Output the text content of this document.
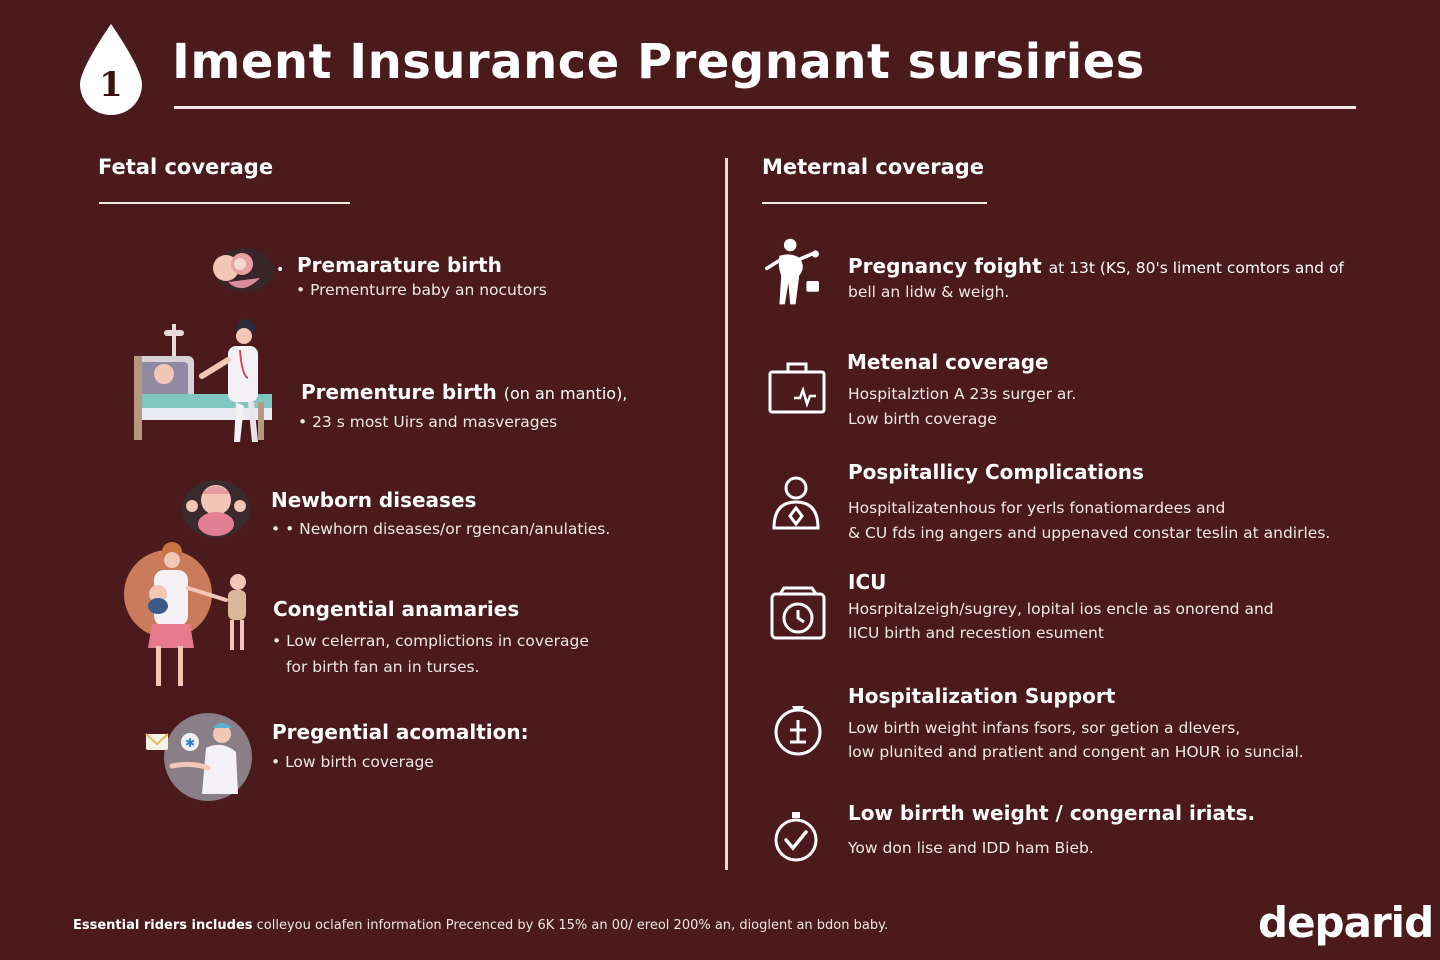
1 Iment Insurance Pregnant sursiries
Fetal coverage	Meternal coverage
•
✱
Premarature birth
• Prementurre baby an nocutors
Prementure birth (on an mantio),
• 23 s most Uirs and masverages
Newborn diseases
• • Newhorn diseases/or rgencan/anulaties.
Congential anamaries
• Low celerran, complictions in coverage
for birth fan an in turses.
Pregential acomaltion:
• Low birth coverage
Pregnancy foight at 13t (KS, 80's liment comtors and of
bell an lidw & weigh.
Metenal coverage
Hospitalztion A 23s surger ar.
Low birth coverage
Pospitallicy Complications
Hospitalizatenhous for yerls fonatiomardees and
& CU fds ing angers and uppenaved constar teslin at andirles.
ICU
Hosrpitalzeigh/sugrey, lopital ios encle as onorend and
IICU birth and recestion esument
Hospitalization Support
Low birth weight infans fsors, sor getion a dlevers,
low plunited and pratient and congent an HOUR io suncial.
Low birrth weight / congernal iriats.
Yow don lise and IDD ham Bieb.
Essential riders includes colleyou oclafen information Precenced by 6K 15% an 00/ ereol 200% an, dioglent an bdon baby.	deparid
